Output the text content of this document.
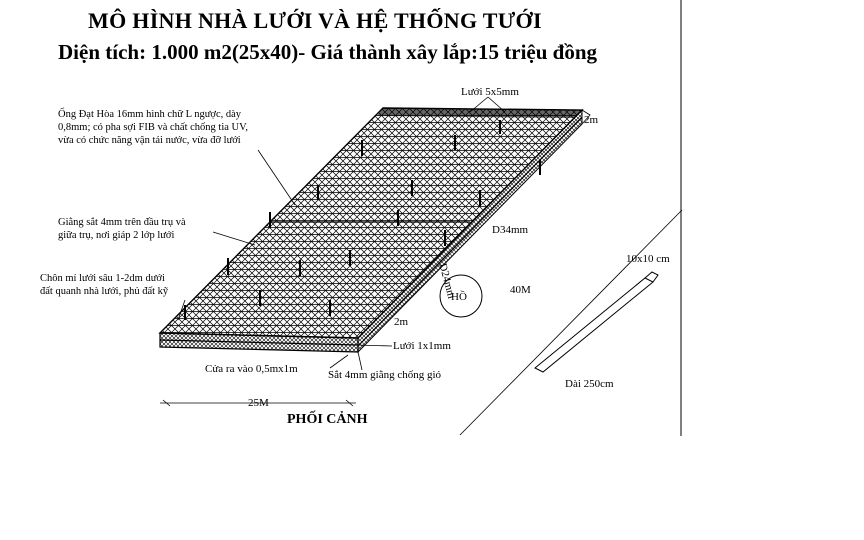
MÔ HÌNH NHÀ LƯỚI VÀ HỆ THỐNG TƯỚI
Diện tích: 1.000 m2(25x40)- Giá thành xây lắp:15 triệu đồng
Ống Đạt Hòa 16mm hình chữ L ngược, dày
0,8mm; có pha sợi FIB và chất chống tia UV,
vừa có chức năng vận tải nước, vừa đỡ lưới
Giằng sắt 4mm trên đầu trụ và
giữa trụ, nơi giáp 2 lớp lưới
Chôn mí lưới sâu 1-2dm dưới
đất quanh nhà lưới, phủ đất kỹ
Lưới 5x5mm
2m
D34mm
D24mm
HỒ
40M
2m
Lưới 1x1mm
Cửa ra vào 0,5mx1m	Sắt 4mm giằng chống gió
25M
10x10 cm
Dài 250cm
PHỐI CẢNH
